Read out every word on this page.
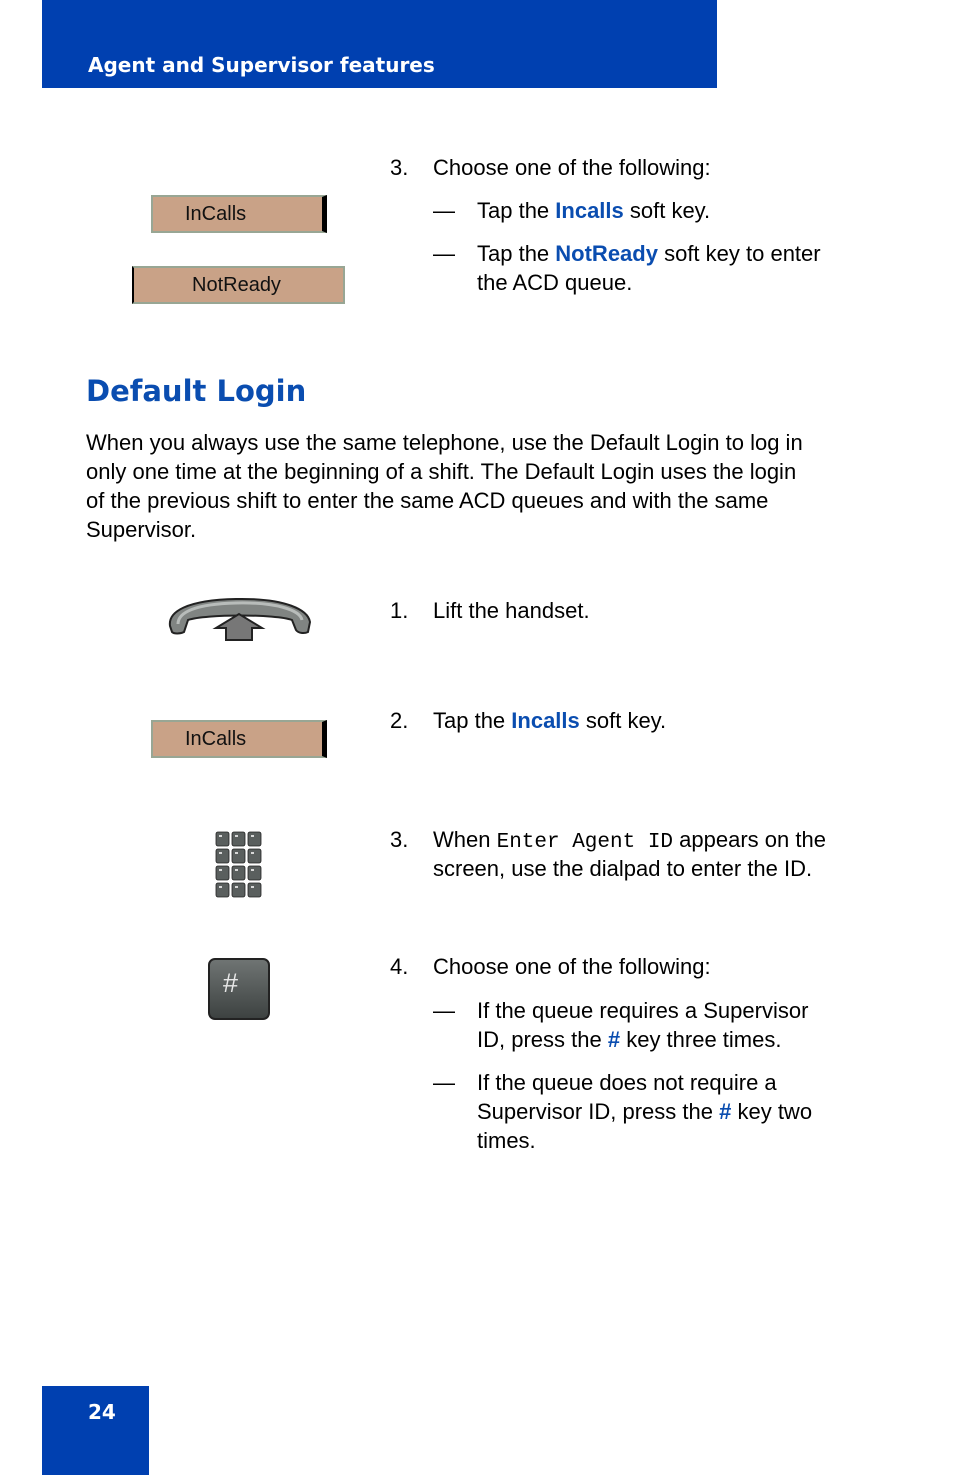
Agent and Supervisor features
InCalls
NotReady
3. Choose one of the following:
— Tap the Incalls soft key.
— Tap the NotReady soft key to enter
the ACD queue.
Default Login
When you always use the same telephone, use the Default Login to log in
only one time at the beginning of a shift. The Default Login uses the login
of the previous shift to enter the same ACD queues and with the same
Supervisor.
1. Lift the handset.
InCalls
2. Tap the Incalls soft key.
3. When Enter Agent ID appears on the
screen, use the dialpad to enter the ID.
#
4. Choose one of the following:
— If the queue requires a Supervisor
ID, press the # key three times.
— If the queue does not require a
Supervisor ID, press the # key two
times.
24
